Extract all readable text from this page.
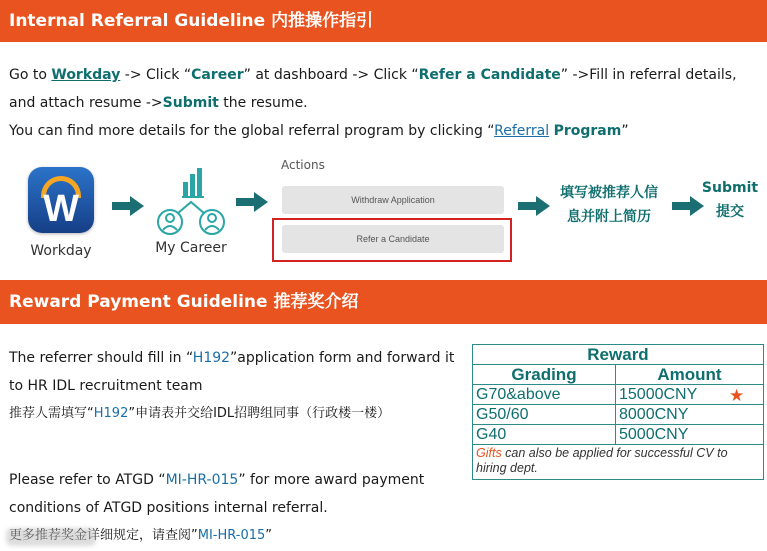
Internal Referral Guideline 内推操作指引
Go to Workday -> Click “Career” at dashboard -> Click “Refer a Candidate” ->Fill in referral details,
and attach resume ->Submit the resume.
You can find more details for the global referral program by clicking “Referral Program”
W
Workday	My Career
Actions
Withdraw Application
Refer a Candidate
填写被推荐人信
息并附上简历
Submit
提交
Reward Payment Guideline 推荐奖介绍
The referrer should fill in “H192”application form and forward it
to HR IDL recruitment team
推荐人需填写“H192”申请表并交给IDL招聘组同事（行政楼一楼）
Please refer to ATGD “MI-HR-015” for more award payment
conditions of ATGD positions internal referral.
更多推荐奖金详细规定，请查阅”MI-HR-015”
Reward	
Grading	Amount
G70&above	15000CNY
G50/60	8000CNY
G40	5000CNY
Gifts can also be applied for successful CV to hiring dept.	
★
